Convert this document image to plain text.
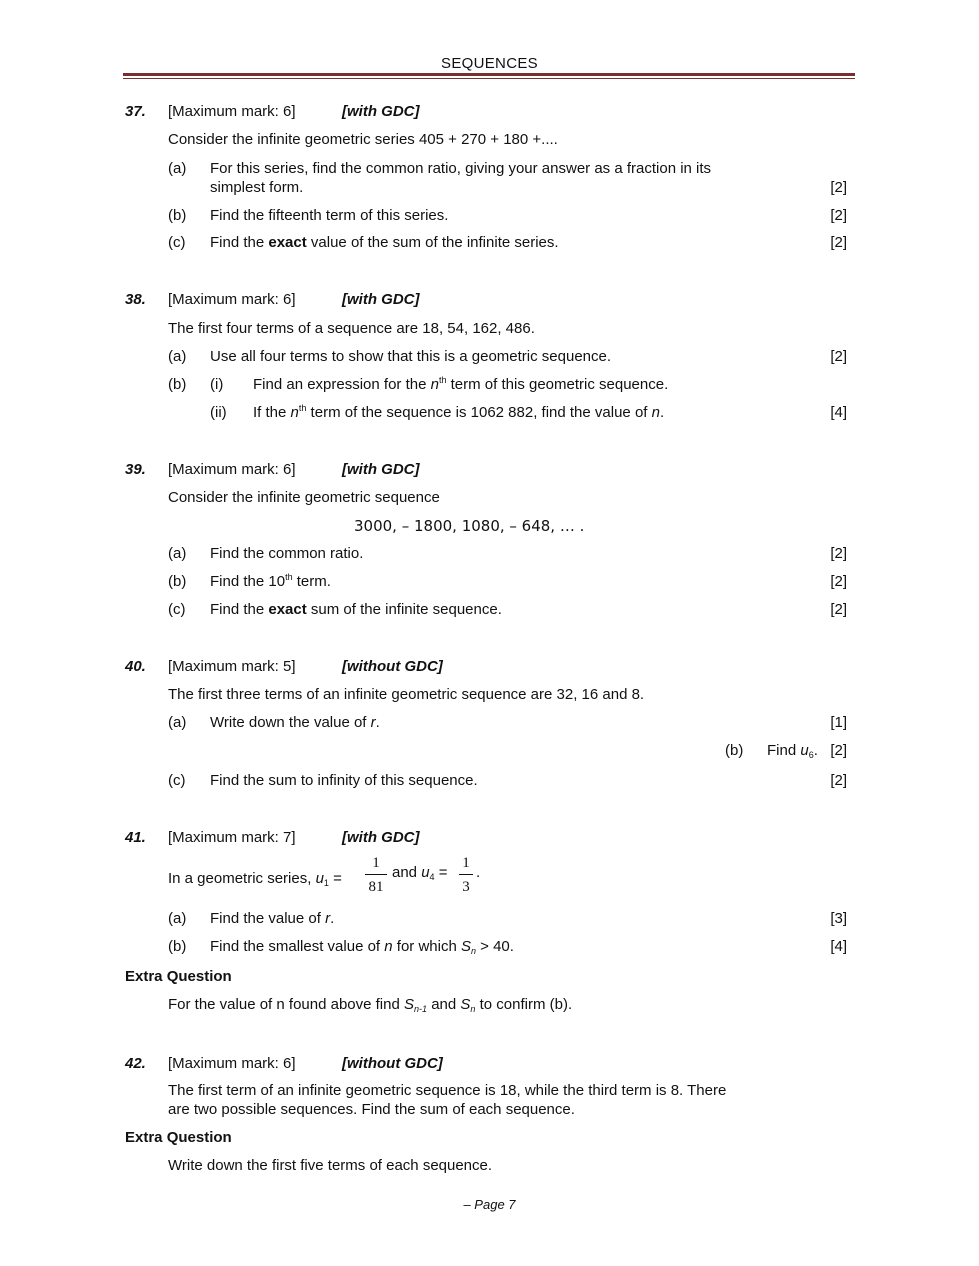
SEQUENCES
37. [Maximum mark: 6]	[with GDC]
Consider the infinite geometric series 405 + 270 + 180 +....
(a) For this series, find the common ratio, giving your answer as a fraction in its
simplest form.	[2]
(b) Find the fifteenth term of this series.	[2]
(c) Find the exact value of the sum of the infinite series.	[2]
38. [Maximum mark: 6]	[with GDC]
The first four terms of a sequence are 18, 54, 162, 486.
(a) Use all four terms to show that this is a geometric sequence.	[2]
(b) (i) Find an expression for the $n^{th}$ term of this geometric sequence.
(ii) If the $n^{th}$ term of the sequence is 1062 882, find the value of n.	[4]
39. [Maximum mark: 6]	[with GDC]
Consider the infinite geometric sequence
3000, – 1800, 1080, – 648, … .
(a) Find the common ratio.	[2]
(b) Find the 10th term.	[2]
(c) Find the exact sum of the infinite sequence.	[2]
40. [Maximum mark: 5]	[without GDC]
The first three terms of an infinite geometric sequence are 32, 16 and 8.
(a) Write down the value of r.	[1]
(b) Find $u_6$. [2]
(c) Find the sum to infinity of this sequence.	[2]
41. [Maximum mark: 7]	[with GDC]
In a geometric series, $u_1$ =
1
81
and $u_4$ =
1
3
.
(a) Find the value of r.	[3]
(b) Find the smallest value of n for which $S_n > 40$.	[4]
Extra Question
For the value of n found above find $S_{n-1}$ and $S_n$ to confirm (b).
42. [Maximum mark: 6]	[without GDC]
The first term of an infinite geometric sequence is 18, while the third term is 8. There
are two possible sequences. Find the sum of each sequence.
Extra Question
Write down the first five terms of each sequence.
– Page 7
